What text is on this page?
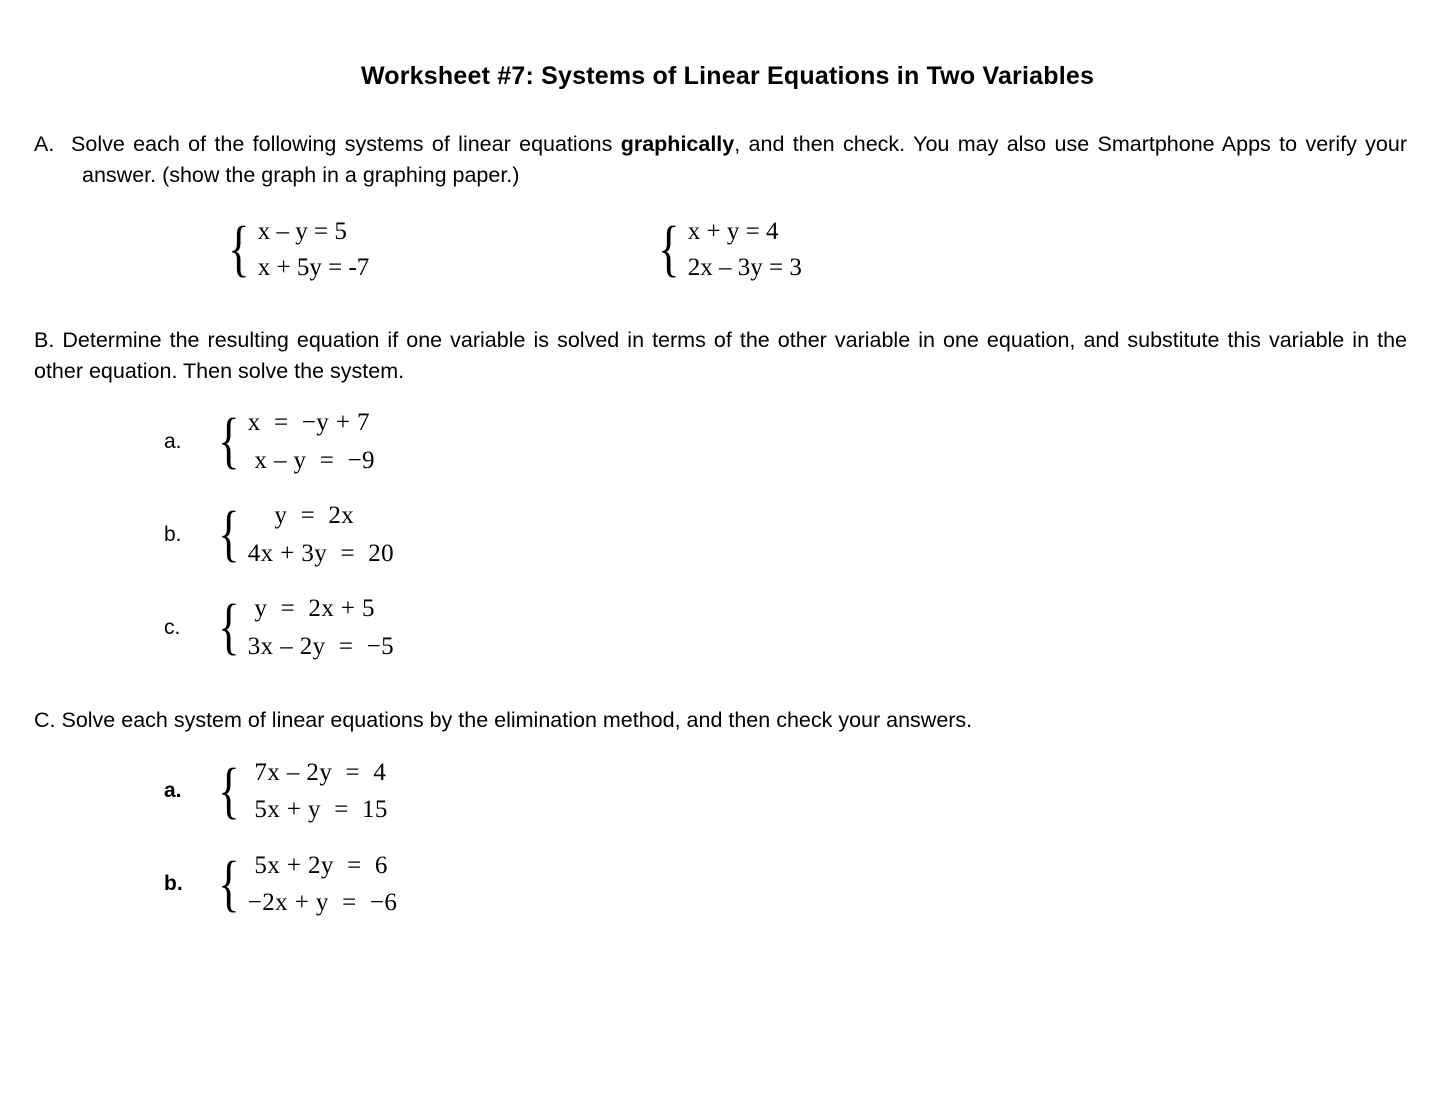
Worksheet #7: Systems of Linear Equations in Two Variables
A. Solve each of the following systems of linear equations graphically, and then check. You may also use Smartphone Apps to verify your answer. (show the graph in a graphing paper.)
{ x – y = 5
x + 5y = -7	{ x + y = 4
2x – 3y = 3
B. Determine the resulting equation if one variable is solved in terms of the other variable in one equation, and substitute this variable in the other equation. Then solve the system.
a. { x  =  −y + 7
x – y  =  −9
b. { y  =  2x
4x + 3y  =  20
c. { y  =  2x + 5
3x – 2y  =  −5
C. Solve each system of linear equations by the elimination method, and then check your answers.
a. { 7x – 2y  =  4
5x + y  =  15
b. { 5x + 2y  =  6
−2x + y  =  −6
